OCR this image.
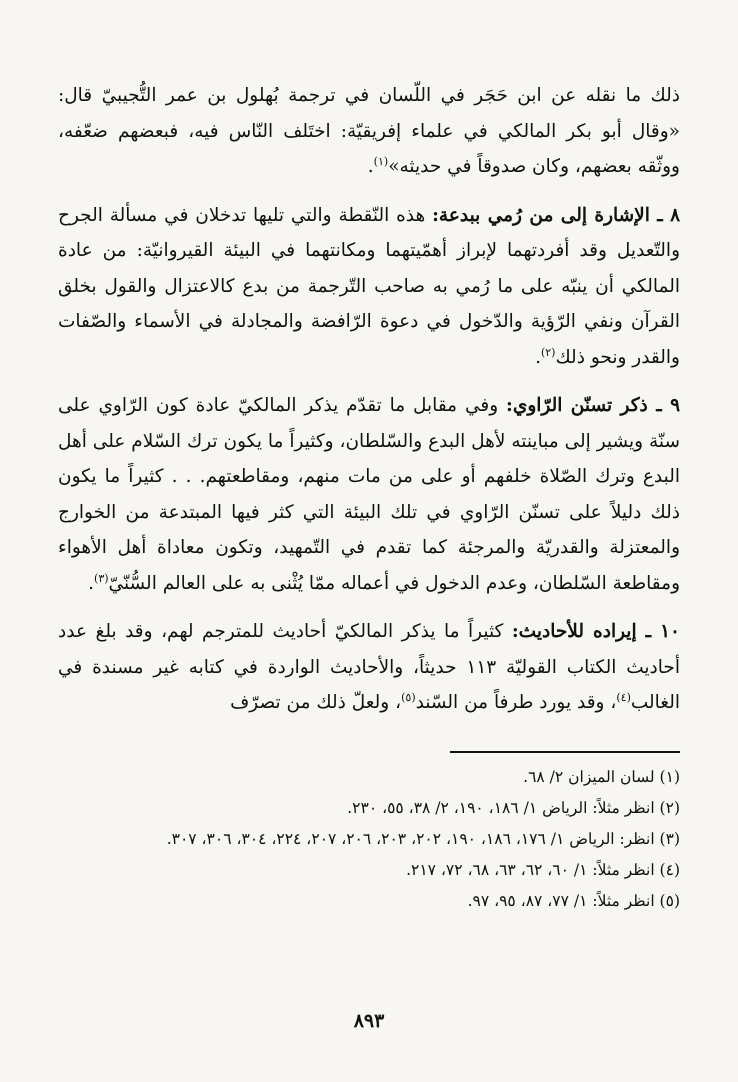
ذلك ما نقله عن ابن حَجَر في اللّسان في ترجمة بُهلول بن عمر التُّجيبيّ قال: «وقال أبو بكر المالكي في علماء إفريقيّة: اختَلف النّاس فيه، فبعضهم ضعّفه، ووثّقه بعضهم، وكان صدوقاً في حديثه»$^{(١)}$.

٨ ـ الإشارة إلى من رُمي ببدعة: هذه النّقطة والتي تليها تدخلان في مسألة الجرح والتّعديل وقد أفردتهما لإبراز أهمّيتهما ومكانتهما في البيئة القيروانيّة: من عادة المالكي أن ينبّه على ما رُمي به صاحب التّرجمة من بدع كالاعتزال والقول بخلق القرآن ونفي الرّؤية والدّخول في دعوة الرّافضة والمجادلة في الأسماء والصّفات والقدر ونحو ذلك$^{(٢)}$.

٩ ـ ذكر تسنّن الرّاوي: وفي مقابل ما تقدّم يذكر المالكيّ عادة كون الرّاوي على سنّة ويشير إلى مباينته لأهل البدع والسّلطان، وكثيراً ما يكون ترك السّلام على أهل البدع وترك الصّلاة خلفهم أو على من مات منهم، ومقاطعتهم. . . كثيراً ما يكون ذلك دليلاً على تسنّن الرّاوي في تلك البيئة التي كثر فيها المبتدعة من الخوارج والمعتزلة والقدريّة والمرجئة كما تقدم في التّمهيد، وتكون معاداة أهل الأهواء ومقاطعة السّلطان، وعدم الدخول في أعماله ممّا يُثْنى به على العالم السُّنّيّ$^{(٣)}$.

١٠ ـ إيراده للأحاديث: كثيراً ما يذكر المالكيّ أحاديث للمترجم لهم، وقد بلغ عدد أحاديث الكتاب القوليّة ١١٣ حديثاً، والأحاديث الواردة في كتابه غير مسندة في الغالب$^{(٤)}$، وقد يورد طرفاً من السّند$^{(٥)}$، ولعلّ ذلك من تصرّف

(١) لسان الميزان ٢/ ٦٨.
(٢) انظر مثلاً: الرياض ١/ ١٨٦، ١٩٠، ٢/ ٣٨، ٥٥، ٢٣٠.
(٣) انظر: الرياض ١/ ١٧٦، ١٨٦، ١٩٠، ٢٠٢، ٢٠٣، ٢٠٦، ٢٠٧، ٢٢٤، ٣٠٤، ٣٠٦، ٣٠٧.
(٤) انظر مثلاً: ١/ ٦٠، ٦٢، ٦٣، ٦٨، ٧٢، ٢١٧.
(٥) انظر مثلاً: ١/ ٧٧، ٨٧، ٩٥، ٩٧.
٨٩٣
